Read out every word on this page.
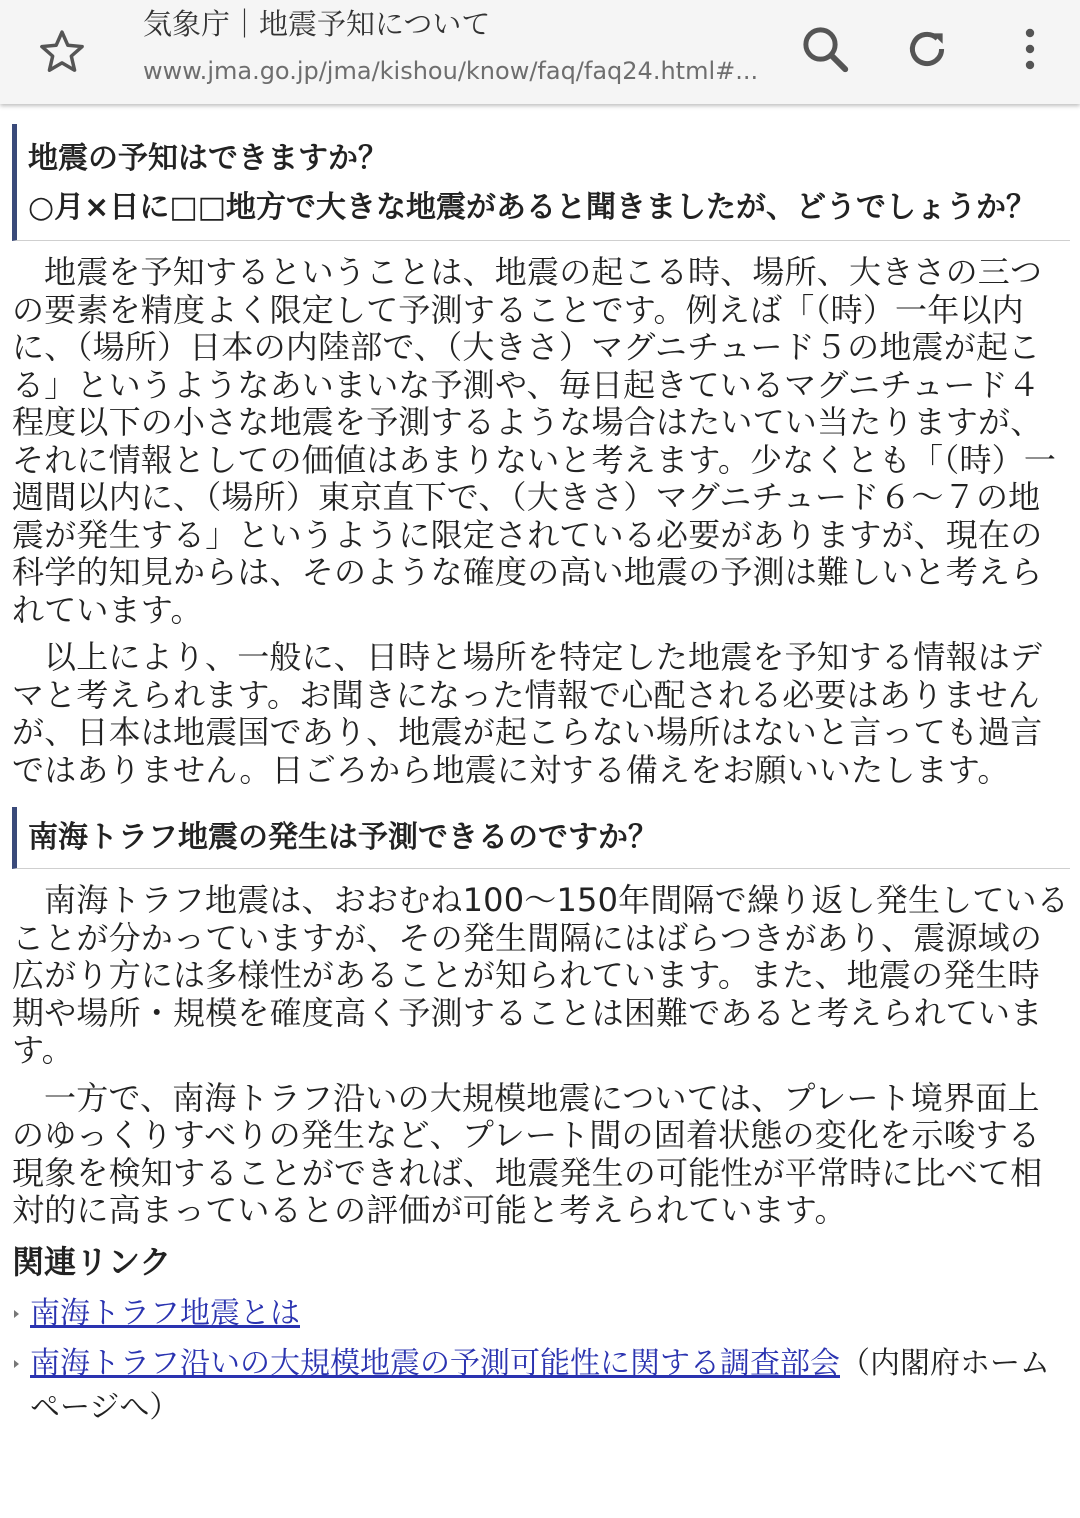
気象庁｜地震予知について
www.jma.go.jp/jma/kishou/know/faq/faq24.html#...
地震の予知はできますか？
○月×日に□□地方で大きな地震があると聞きましたが、どうでしょうか？

地震を予知するということは、地震の起こる時、場所、大きさの三つの要素を精度よく限定して予測することです。例えば「（時）一年以内に、（場所）日本の内陸部で、（大きさ）マグニチュード５の地震が起こる」というようなあいまいな予測や、毎日起きているマグニチュード４程度以下の小さな地震を予測するような場合はたいてい当たりますが、それに情報としての価値はあまりないと考えます。少なくとも「（時）一週間以内に、（場所）東京直下で、（大きさ）マグニチュード６～７の地震が発生する」というように限定されている必要がありますが、現在の科学的知見からは、そのような確度の高い地震の予測は難しいと考えられています。

以上により、一般に、日時と場所を特定した地震を予知する情報はデマと考えられます。お聞きになった情報で心配される必要はありませんが、日本は地震国であり、地震が起こらない場所はないと言っても過言ではありません。日ごろから地震に対する備えをお願いいたします。

南海トラフ地震の発生は予測できるのですか？

南海トラフ地震は、おおむね100～150年間隔で繰り返し発生していることが分かっていますが、その発生間隔にはばらつきがあり、震源域の広がり方には多様性があることが知られています。また、地震の発生時期や場所・規模を確度高く予測することは困難であると考えられています。

一方で、南海トラフ沿いの大規模地震については、プレート境界面上のゆっくりすべりの発生など、プレート間の固着状態の変化を示唆する現象を検知することができれば、地震発生の可能性が平常時に比べて相対的に高まっているとの評価が可能と考えられています。

関連リンク
南海トラフ地震とは
南海トラフ沿いの大規模地震の予測可能性に関する調査部会（内閣府ホームページへ）
